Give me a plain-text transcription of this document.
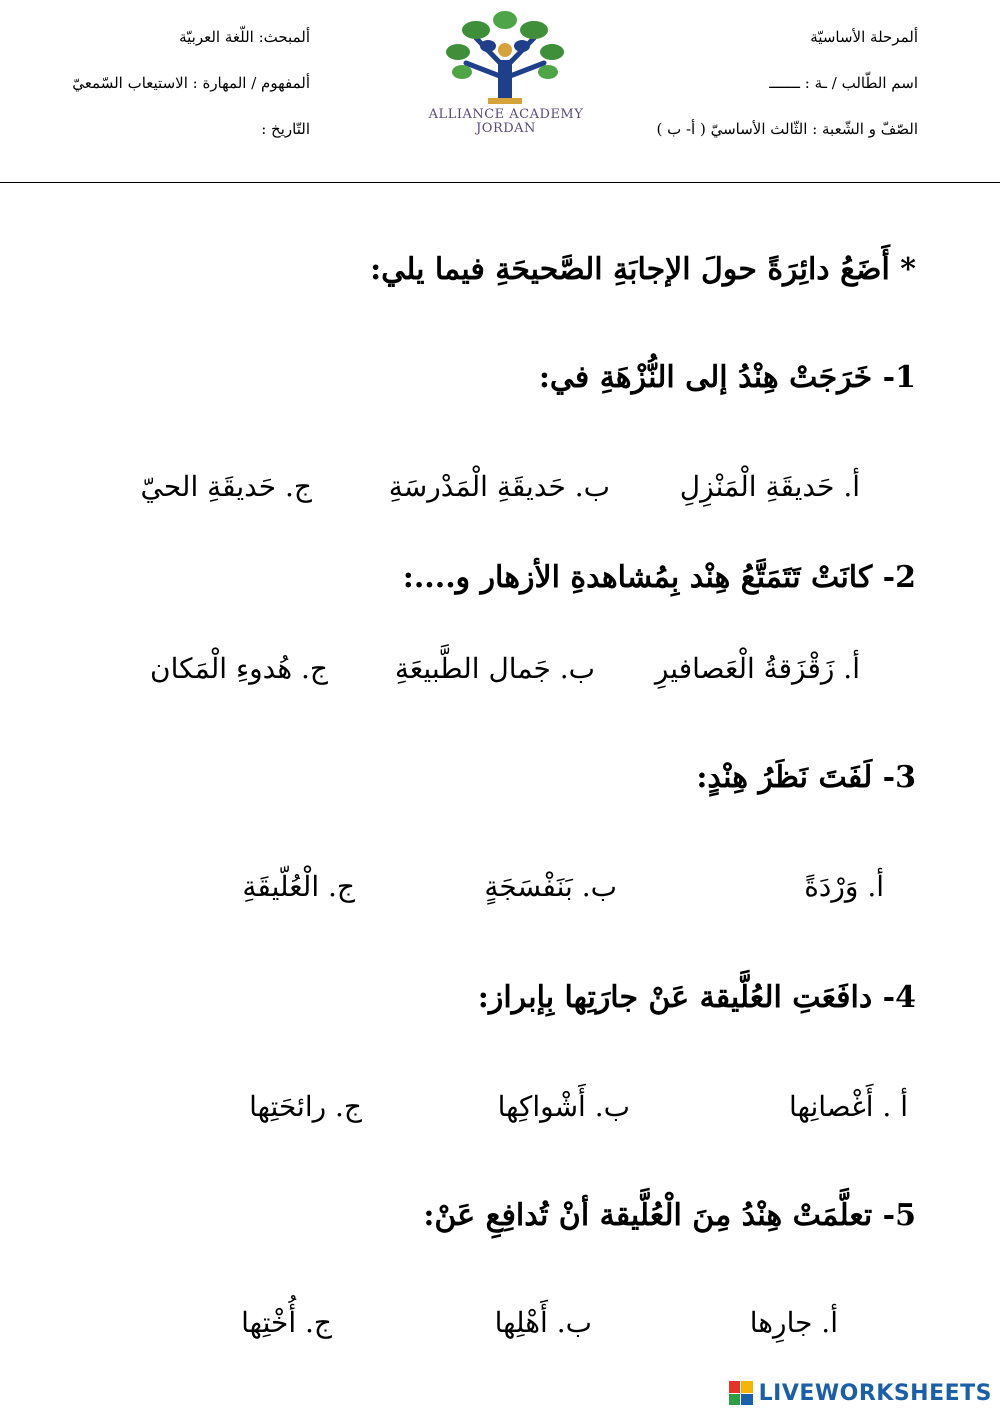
ألمرحلة الأساسيّة
اسم الطّالب / ـة : ـــــــ
الصّفّ و الشّعبة : الثّالث الأساسيّ ( أ- ب )
ألمبحث: اللّغة العربيّة
ألمفهوم / المهارة : الاستيعاب السّمعيّ
التّاريخ :
ALLIANCE ACADEMY
JORDAN
* أَضَعُ دائِرَةً حولَ الإجابَةِ الصَّحيحَةِ فيما يلي:
1- خَرَجَتْ هِنْدُ إلى النُّزْهَةِ في:
أ. حَديقَةِ الْمَنْزِلِ
ب. حَديقَةِ الْمَدْرسَةِ
ج. حَديقَةِ الحيّ
2- كانَتْ تَتَمَتَّعُ هِنْد بِمُشاهدةِ الأزهار و....:
أ. زَقْزَقةُ الْعَصافيرِ
ب. جَمال الطَّبيعَةِ
ج. هُدوءِ الْمَكان
3- لَفَتَ نَظَرُ هِنْدٍ:
أ. وَرْدَةً
ب. بَنَفْسَجَةٍ
ج. الْعُلّيقَةِ
4- دافَعَتِ العُلَّيقة عَنْ جارَتِها بِإبراز:
أ . أَغْصانِها
ب. أَشْواكِها
ج. رائحَتِها
5- تعلَّمَتْ هِنْدُ مِنَ الْعُلَّيقة أنْ تُدافِعِ عَنْ:
أ. جارِها
ب. أَهْلِها
ج. أُخْتِها
LIVEWORKSHEETS
